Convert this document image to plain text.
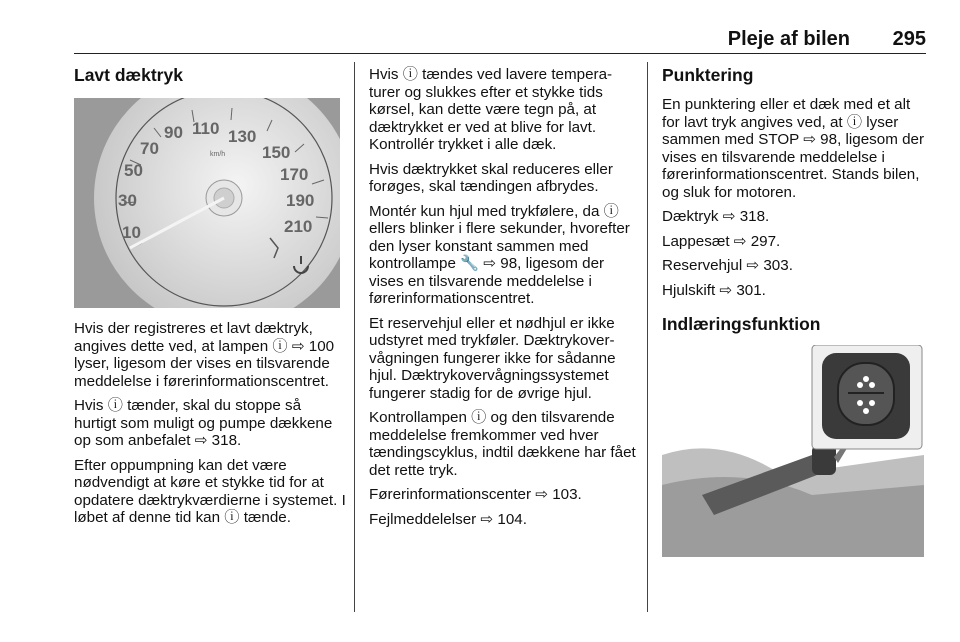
Pleje af bilen 295
Lavt dæktryk
10
30
50
70
90 110 130
150
170
190
210
km/h

Hvis der registreres et lavt dæktryk, angives dette ved, at lampen ⓘ ⇨ 100 lyser, ligesom der vises en tilsvarende meddelelse i førerinformationscentret.

Hvis ⓘ tænder, skal du stoppe så hurtigt som muligt og pumpe dækkene op som anbefalet ⇨ 318.

Efter oppumpning kan det være nødvendigt at køre et stykke tid for at opdatere dæktrykværdierne i systemet. I løbet af denne tid kan ⓘ tænde.

Hvis ⓘ tændes ved lavere temperaturer og slukkes efter et stykke tids kørsel, kan dette være tegn på, at dæktrykket er ved at blive for lavt. Kontrollér trykket i alle dæk.

Hvis dæktrykket skal reduceres eller forøges, skal tændingen afbrydes.

Montér kun hjul med trykfølere, da ⓘ ellers blinker i flere sekunder, hvorefter den lyser konstant sammen med kontrollampe 🔧 ⇨ 98, ligesom der vises en tilsvarende meddelelse i førerinformationscentret.

Et reservehjul eller et nødhjul er ikke udstyret med trykføler. Dæktrykovervågningen fungerer ikke for sådanne hjul. Dæktrykovervågningssystemet fungerer stadig for de øvrige hjul.

Kontrollampen ⓘ og den tilsvarende meddelelse fremkommer ved hver tændingscyklus, indtil dækkene har fået det rette tryk.

Førerinformationscenter ⇨ 103.

Fejlmeddelelser ⇨ 104.

Punktering

En punktering eller et dæk med et alt for lavt tryk angives ved, at ⓘ lyser sammen med STOP ⇨ 98, ligesom der vises en tilsvarende meddelelse i førerinformationscentret. Stands bilen, og sluk for motoren.

Dæktryk ⇨ 318.

Lappesæt ⇨ 297.

Reservehjul ⇨ 303.

Hjulskift ⇨ 301.

Indlæringsfunktion
